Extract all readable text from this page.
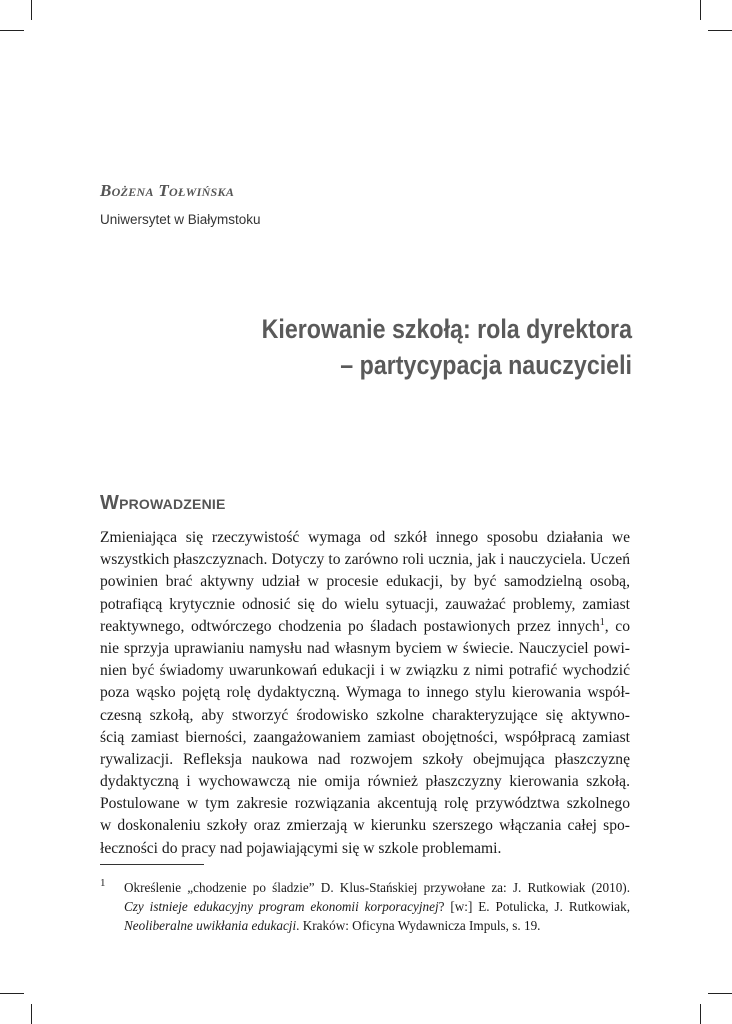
Bożena Tołwińska
Uniwersytet w Białymstoku
Kierowanie szkołą: rola dyrektora
– partycypacja nauczycieli
Wprowadzenie
Zmieniająca się rzeczywistość wymaga od szkół innego sposobu działania we
wszystkich płaszczyznach. Dotyczy to zarówno roli ucznia, jak i nauczyciela. Uczeń
powinien brać aktywny udział w procesie edukacji, by być samodzielną osobą,
potrafiącą krytycznie odnosić się do wielu sytuacji, zauważać problemy, zamiast
reaktywnego, odtwórczego chodzenia po śladach postawionych przez innych$^1$, co
nie sprzyja uprawianiu namysłu nad własnym byciem w świecie. Nauczyciel powi-
nien być świadomy uwarunkowań edukacji i w związku z nimi potrafić wychodzić
poza wąsko pojętą rolę dydaktyczną. Wymaga to innego stylu kierowania współ-
czesną szkołą, aby stworzyć środowisko szkolne charakteryzujące się aktywno-
ścią zamiast bierności, zaangażowaniem zamiast obojętności, współpracą zamiast
rywalizacji. Refleksja naukowa nad rozwojem szkoły obejmująca płaszczyznę
dydaktyczną i wychowawczą nie omija również płaszczyzny kierowania szkołą.
Postulowane w tym zakresie rozwiązania akcentują rolę przywództwa szkolnego
w doskonaleniu szkoły oraz zmierzają w kierunku szerszego włączania całej spo-
łeczności do pracy nad pojawiającymi się w szkole problemami.
1 Określenie „chodzenie po śladzie” D. Klus-Stańskiej przywołane za: J. Rutkowiak (2010).
Czy istnieje edukacyjny program ekonomii korporacyjnej? [w:] E. Potulicka, J. Rutkowiak,
Neoliberalne uwikłania edukacji. Kraków: Oficyna Wydawnicza Impuls, s. 19.
